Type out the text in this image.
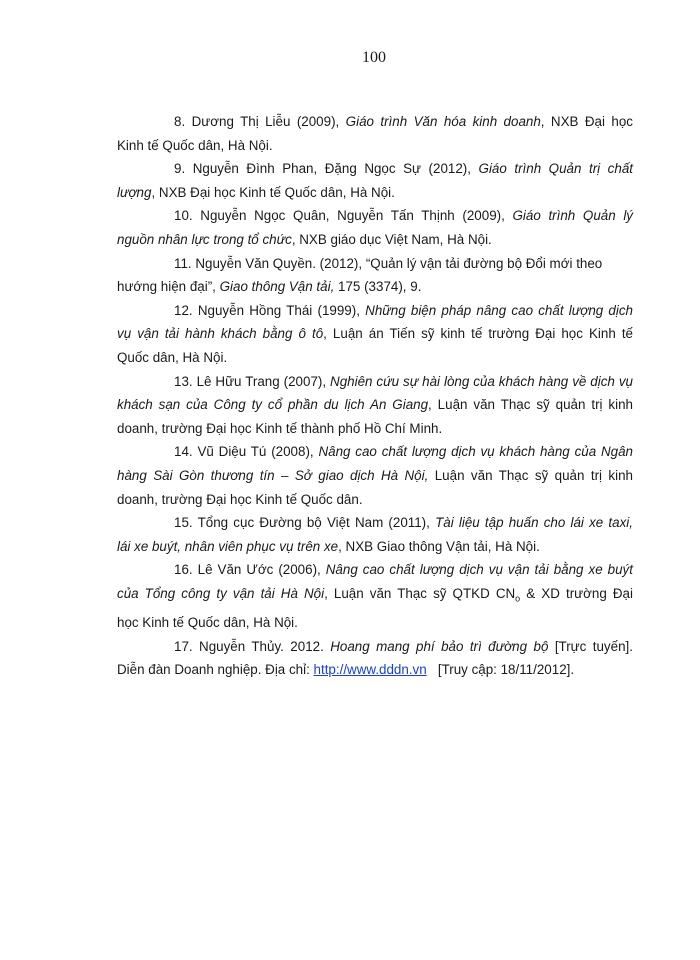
100
8. Dương Thị Liễu (2009), Giáo trình Văn hóa kinh doanh, NXB Đại học
Kinh tế Quốc dân, Hà Nội.
9. Nguyễn Đình Phan, Đặng Ngọc Sự (2012), Giáo trình Quản trị chất
lượng, NXB Đại học Kinh tế Quốc dân, Hà Nội.
10. Nguyễn Ngọc Quân, Nguyễn Tấn Thịnh (2009), Giáo trình Quản lý
nguồn nhân lực trong tổ chức, NXB giáo dục Việt Nam, Hà Nội.
11. Nguyễn Văn Quyền. (2012), “Quản lý vận tải đường bộ Đổi mới theo
hướng hiện đại”, Giao thông Vận tải, 175 (3374), 9.
12. Nguyễn Hồng Thái (1999), Những biện pháp nâng cao chất lượng dịch
vụ vận tải hành khách bằng ô tô, Luận án Tiến sỹ kinh tế trường Đại học Kinh tế
Quốc dân, Hà Nội.
13. Lê Hữu Trang (2007), Nghiên cứu sự hài lòng của khách hàng về dịch vụ
khách sạn của Công ty cổ phần du lịch An Giang, Luận văn Thạc sỹ quản trị kinh
doanh, trường Đại học Kinh tế thành phố Hồ Chí Minh.
14. Vũ Diệu Tú (2008), Nâng cao chất lượng dịch vụ khách hàng của Ngân
hàng Sài Gòn thương tín – Sở giao dịch Hà Nội, Luận văn Thạc sỹ quản trị kinh
doanh, trường Đại học Kinh tế Quốc dân.
15. Tổng cục Đường bộ Việt Nam (2011), Tài liệu tập huấn cho lái xe taxi,
lái xe buýt, nhân viên phục vụ trên xe, NXB Giao thông Vận tải, Hà Nội.
16. Lê Văn Ước (2006), Nâng cao chất lượng dịch vụ vận tải bằng xe buýt
của Tổng công ty vận tải Hà Nội, Luận văn Thạc sỹ QTKD $CN_o$ & XD trường Đại
học Kinh tế Quốc dân, Hà Nội.
17. Nguyễn Thủy. 2012. Hoang mang phí bảo trì đường bộ [Trực tuyến].
Diễn đàn Doanh nghiệp. Địa chỉ: http://www.dddn.vn [Truy cập: 18/11/2012].
